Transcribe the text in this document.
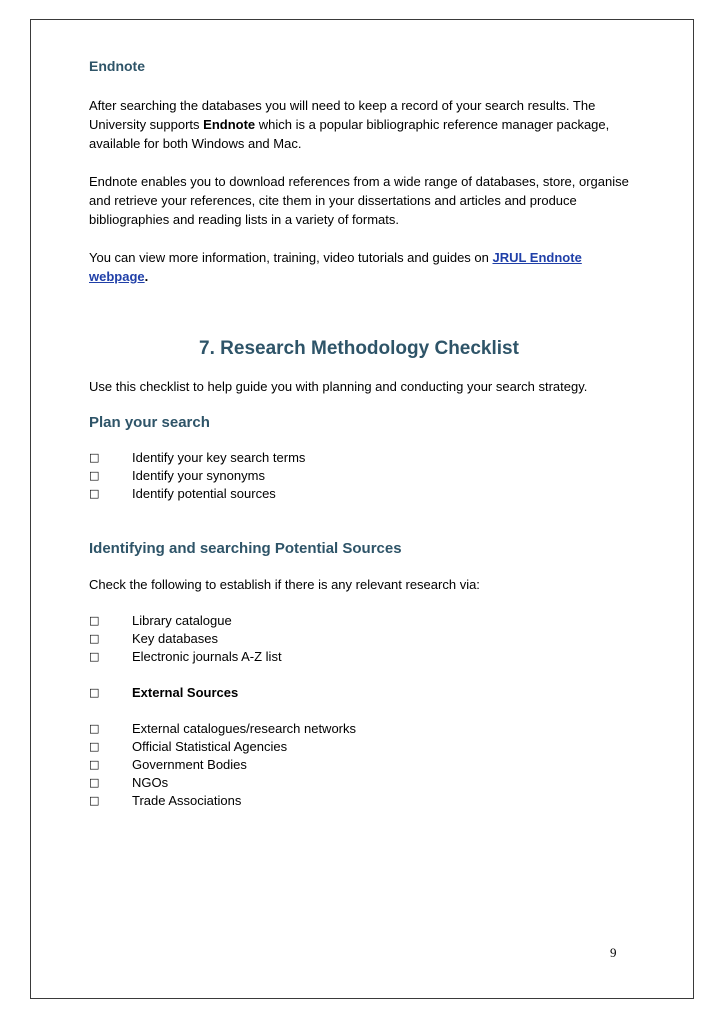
Endnote

After searching the databases you will need to keep a record of your search results. The University supports Endnote which is a popular bibliographic reference manager package, available for both Windows and Mac.

Endnote enables you to download references from a wide range of databases, store, organise and retrieve your references, cite them in your dissertations and articles and produce bibliographies and reading lists in a variety of formats.

You can view more information, training, video tutorials and guides on JRUL Endnote webpage.

7. Research Methodology Checklist

Use this checklist to help guide you with planning and conducting your search strategy.

Plan your search
□	Identify your key search terms
□	Identify your synonyms
□	Identify potential sources
Identifying and searching Potential Sources

Check the following to establish if there is any relevant research via:

□	Library catalogue
□	Key databases
□	Electronic journals A-Z list
□	External Sources
□	External catalogues/research networks
□	Official Statistical Agencies
□	Government Bodies
□	NGOs
□	Trade Associations
9
